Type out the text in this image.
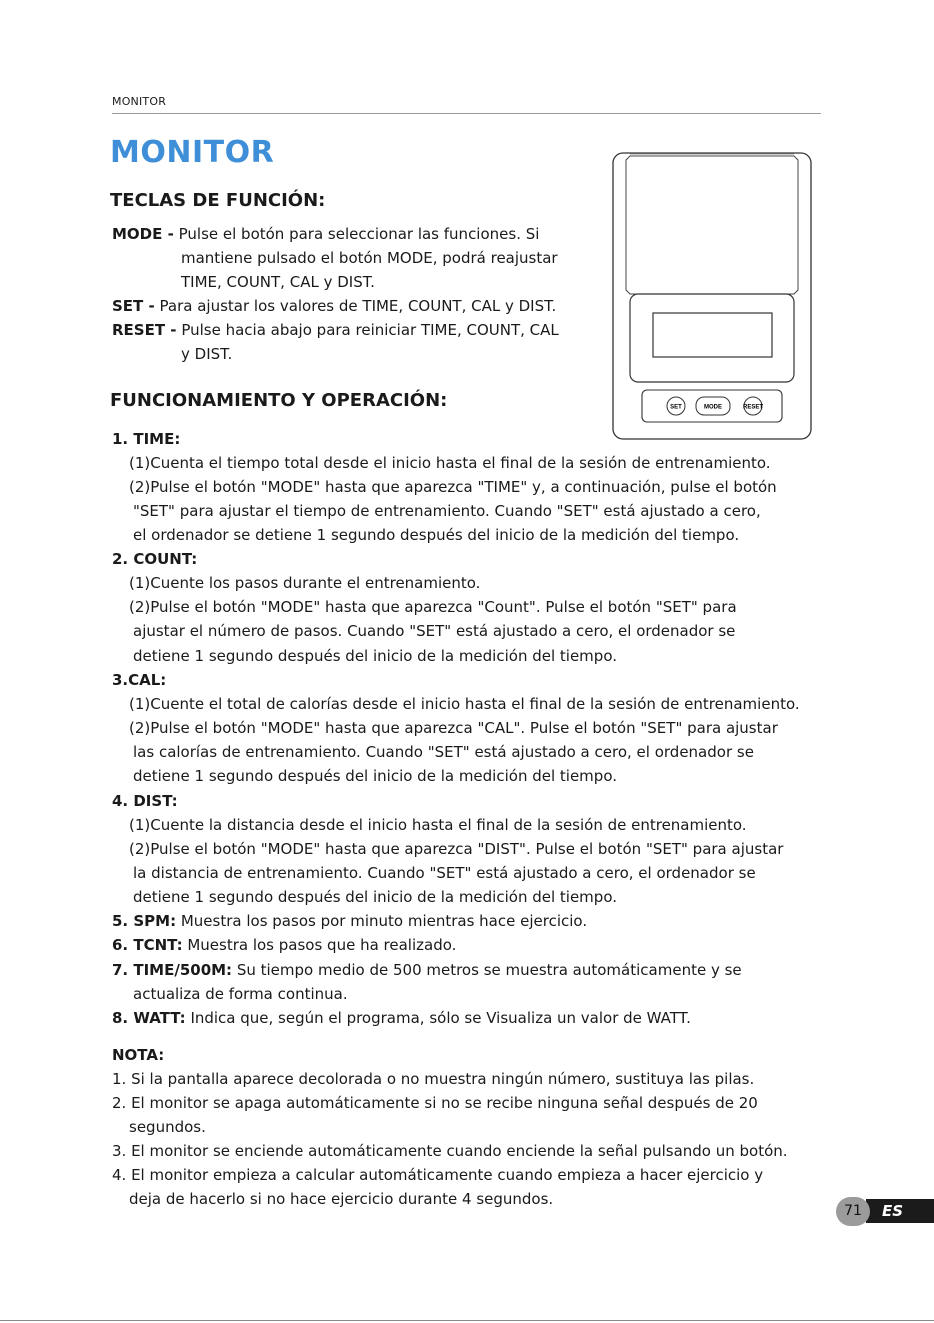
MONITOR
MONITOR
TECLAS DE FUNCIÓN:
MODE - Pulse el botón para seleccionar las funciones. Si
mantiene pulsado el botón MODE, podrá reajustar
TIME, COUNT, CAL y DIST.
SET - Para ajustar los valores de TIME, COUNT, CAL y DIST.
RESET - Pulse hacia abajo para reiniciar TIME, COUNT, CAL
y DIST.
SET	MODE	RESET
FUNCIONAMIENTO Y OPERACIÓN:
1. TIME:
(1)Cuenta el tiempo total desde el inicio hasta el final de la sesión de entrenamiento.
(2)Pulse el botón "MODE" hasta que aparezca "TIME" y, a continuación, pulse el botón
"SET" para ajustar el tiempo de entrenamiento. Cuando "SET" está ajustado a cero,
el ordenador se detiene 1 segundo después del inicio de la medición del tiempo.
2. COUNT:
(1)Cuente los pasos durante el entrenamiento.
(2)Pulse el botón "MODE" hasta que aparezca "Count". Pulse el botón "SET" para
ajustar el número de pasos. Cuando "SET" está ajustado a cero, el ordenador se
detiene 1 segundo después del inicio de la medición del tiempo.
3.CAL:
(1)Cuente el total de calorías desde el inicio hasta el final de la sesión de entrenamiento.
(2)Pulse el botón "MODE" hasta que aparezca "CAL". Pulse el botón "SET" para ajustar
las calorías de entrenamiento. Cuando "SET" está ajustado a cero, el ordenador se
detiene 1 segundo después del inicio de la medición del tiempo.
4. DIST:
(1)Cuente la distancia desde el inicio hasta el final de la sesión de entrenamiento.
(2)Pulse el botón "MODE" hasta que aparezca "DIST". Pulse el botón "SET" para ajustar
la distancia de entrenamiento. Cuando "SET" está ajustado a cero, el ordenador se
detiene 1 segundo después del inicio de la medición del tiempo.
5. SPM: Muestra los pasos por minuto mientras hace ejercicio.
6. TCNT: Muestra los pasos que ha realizado.
7. TIME/500M: Su tiempo medio de 500 metros se muestra automáticamente y se
actualiza de forma continua.
8. WATT: Indica que, según el programa, sólo se Visualiza un valor de WATT.
NOTA:
1. Si la pantalla aparece decolorada o no muestra ningún número, sustituya las pilas.
2. El monitor se apaga automáticamente si no se recibe ninguna señal después de 20
segundos.
3. El monitor se enciende automáticamente cuando enciende la señal pulsando un botón.
4. El monitor empieza a calcular automáticamente cuando empieza a hacer ejercicio y
deja de hacerlo si no hace ejercicio durante 4 segundos.
ES
71
